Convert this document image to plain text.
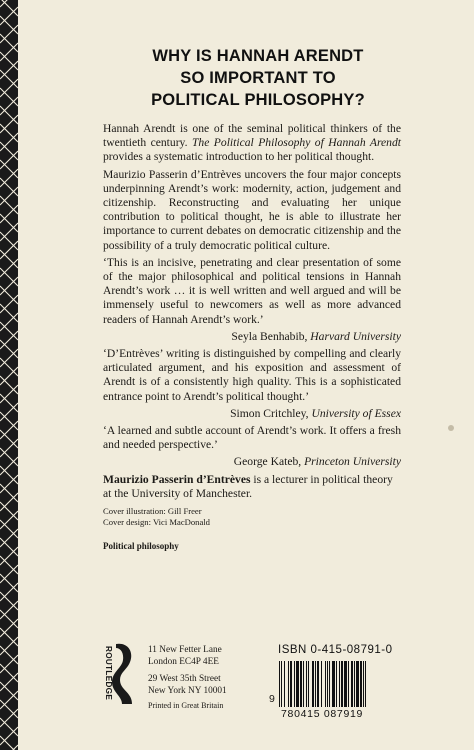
WHY IS HANNAH ARENDT
SO IMPORTANT TO
POLITICAL PHILOSOPHY?

Hannah Arendt is one of the seminal political thinkers of the twentieth century. The Political Philosophy of Hannah Arendt provides a systematic introduction to her political thought.

Maurizio Passerin d’Entrèves uncovers the four major concepts underpinning Arendt’s work: modernity, action, judgement and citizenship. Reconstructing and evaluating her unique contribution to political thought, he is able to illustrate her importance to current debates on democratic citizenship and the possibility of a truly democratic political culture.

‘This is an incisive, penetrating and clear presentation of some of the major philosophical and political tensions in Hannah Arendt’s work … it is well written and well argued and will be immensely useful to newcomers as well as more advanced readers of Hannah Arendt’s work.’

Seyla Benhabib, Harvard University

‘D’Entrèves’ writing is distinguished by compelling and clearly articulated argument, and his exposition and assessment of Arendt is of a consistently high quality. This is a sophisticated entrance point to Arendt’s political thought.’

Simon Critchley, University of Essex

‘A learned and subtle account of Arendt’s work. It offers a fresh and needed perspective.’

George Kateb, Princeton University

Maurizio Passerin d’Entrèves is a lecturer in political theory at the University of Manchester.

Cover illustration: Gill Freer
Cover design: Vici MacDonald
Political philosophy
ROUTLEDGE	11 New Fetter Lane
London EC4P 4EE
29 West 35th Street
New York NY 10001
Printed in Great Britain
ISBN 0-415-08791-0
9
780415 087919
